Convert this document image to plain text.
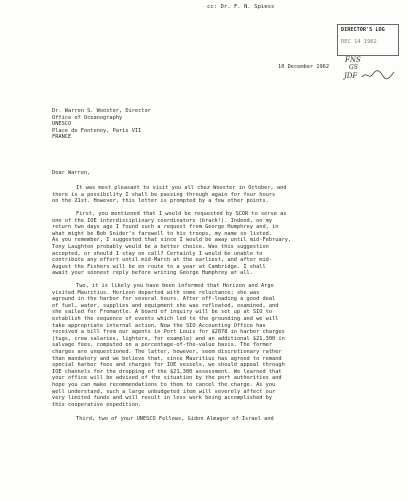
cc: Dr. F. N. Spiess
DIRECTOR'S LOG
DEC 14 1962
FNS
GS
JDF
10 December 1962
Dr. Warren S. Wooster, Director
Office of Oceanography
UNESCO
Place de Fontenoy, Paris VII
FRANCE
Dear Warren,
It was most pleasant to visit you all chez Wooster in October, and
there is a possibility I shall be passing through again for four hours
on the 21st. However, this letter is prompted by a few other points.
First, you mentioned that I would be requested by SCOR to serve as
one of the IOE interdisciplinary coordinators (brack!). Indeed, on my
return two days ago I found such a request from George Humphrey and, in
what might be Bob Snider's farewell to his troops, my name so listed.
As you remember, I suggested that since I would be away until mid-February,
Tony Laughton probably would be a better choice. Was this suggestion
accepted, or should I stay on call? Certainly I would be unable to
contribute any effort until mid-March at the earliest, and after mid-
August the Fishers will be en route to a year at Cambridge. I shall
await your soonest reply before writing George Humphrey at all.
Two, it is likely you have been informed that Horizon and Argo
visited Mauritius. Horizon departed with some reluctance; she was
aground in the harbor for several hours. After off-loading a good deal
of fuel, water, supplies and equipment she was refloated, examined, and
she sailed for Fremantle. A board of inquiry will be set up at SIO to
establish the sequence of events which led to the grounding and we will
take appropriate internal action. Now the SIO Accounting Office has
received a bill from our agents in Port Louis for $2078 in harbor charges
(tugs, crew salaries, lighters, for example) and an additional $21,300 in
salvage fees, computed on a percentage-of-the-value basis. The former
charges are unquestioned. The latter, however, seem discretionary rather
than mandatory and we believe that, since Mauritius has agreed to remand
special harbor fees and charges for IOE vessels, we should appeal through
IOE channels for the dropping of the $21,300 assessment. We learned that
your office will be advised of the situation by the port authorities and
hope you can make recommendations to them to cancel the charge. As you
well understand, such a large unbudgeted item will severely affect our
very limited funds and will result in less work being accomplished by
this cooperative expedition.
Third, two of your UNESCO Fellows, Gidon Almagor of Israel and
